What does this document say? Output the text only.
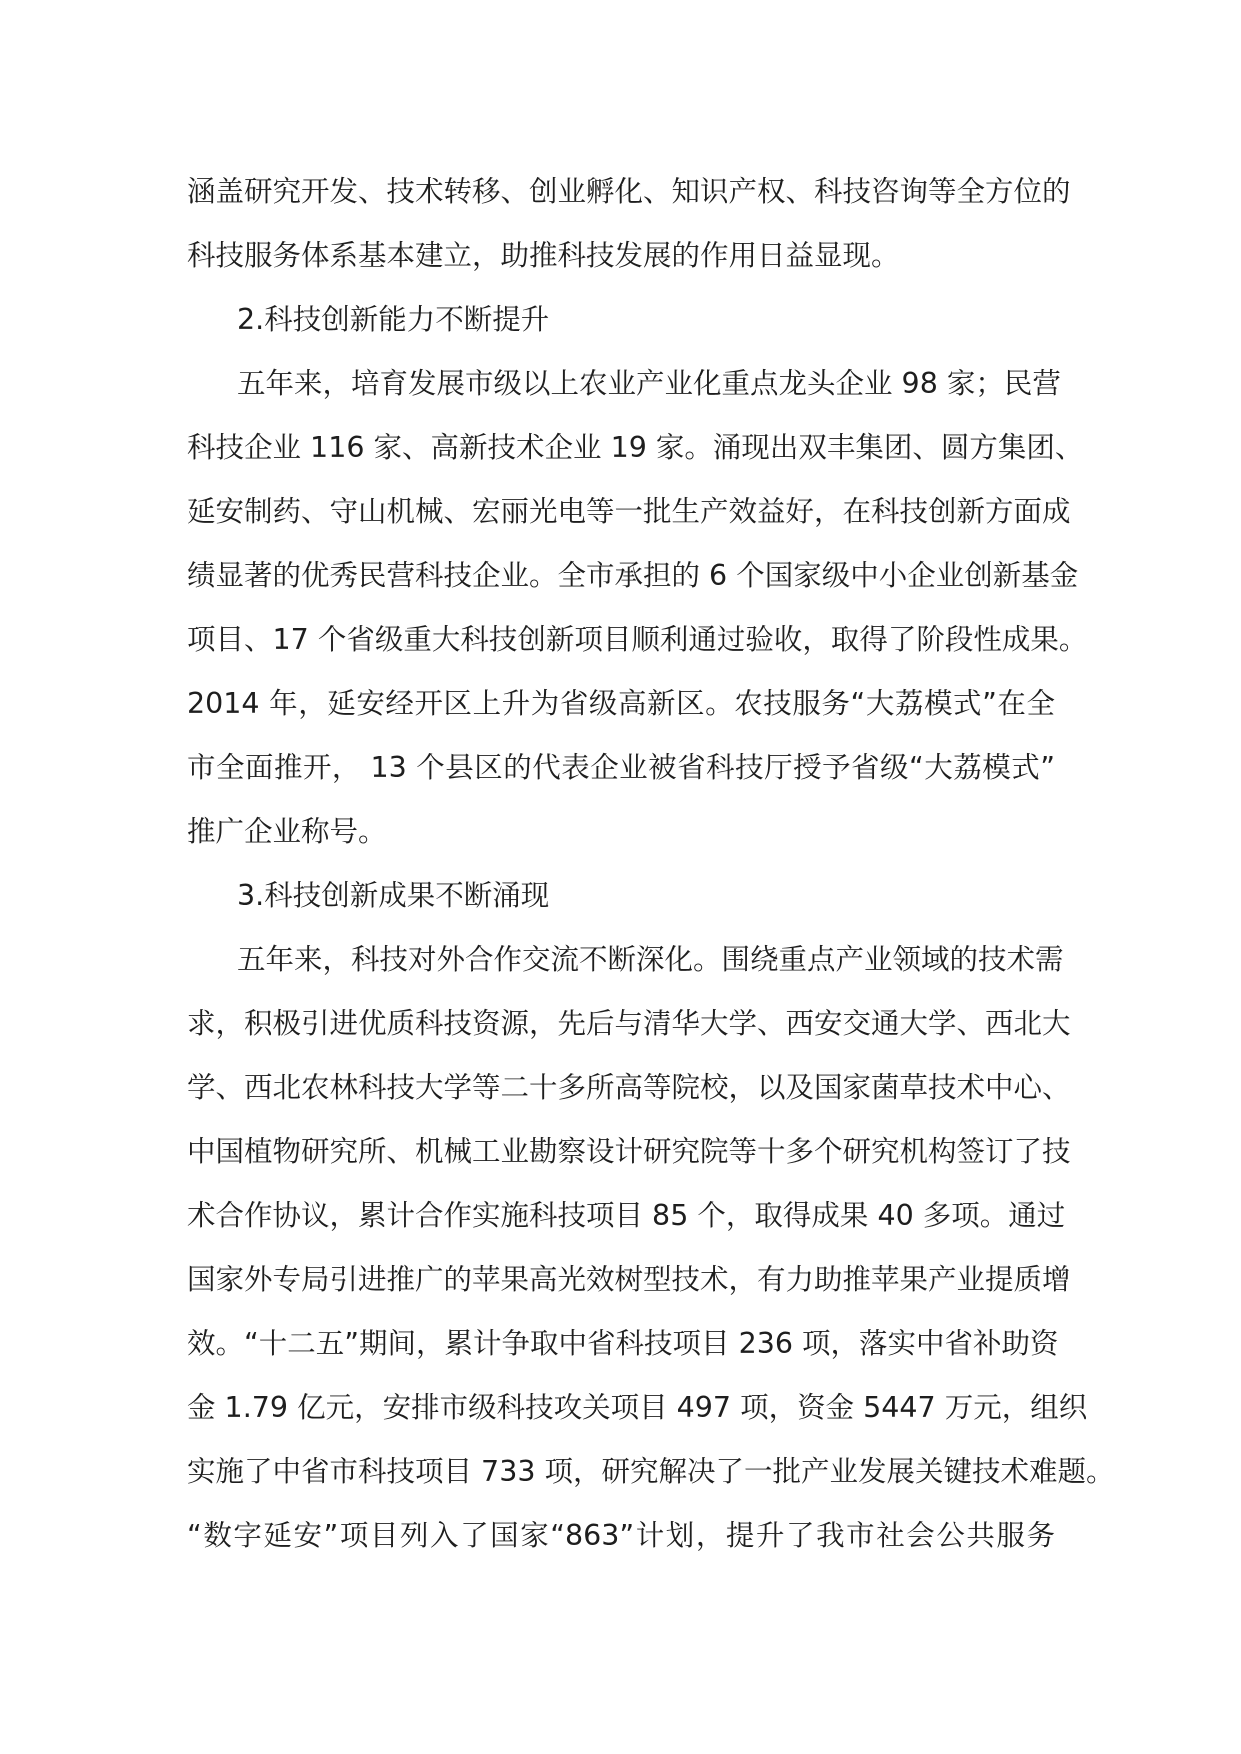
涵盖研究开发、技术转移、创业孵化、知识产权、科技咨询等全方位的
科技服务体系基本建立，助推科技发展的作用日益显现。
2.科技创新能力不断提升
五年来，培育发展市级以上农业产业化重点龙头企业 98 家；民营
科技企业 116 家、高新技术企业 19 家。涌现出双丰集团、圆方集团、
延安制药、守山机械、宏丽光电等一批生产效益好，在科技创新方面成
绩显著的优秀民营科技企业。全市承担的 6 个国家级中小企业创新基金
项目、17 个省级重大科技创新项目顺利通过验收，取得了阶段性成果。
2014 年，延安经开区上升为省级高新区。农技服务“大荔模式”在全
市全面推开， 13 个县区的代表企业被省科技厅授予省级“大荔模式”
推广企业称号。
3.科技创新成果不断涌现
五年来，科技对外合作交流不断深化。围绕重点产业领域的技术需
求，积极引进优质科技资源，先后与清华大学、西安交通大学、西北大
学、西北农林科技大学等二十多所高等院校，以及国家菌草技术中心、
中国植物研究所、机械工业勘察设计研究院等十多个研究机构签订了技
术合作协议，累计合作实施科技项目 85 个，取得成果 40 多项。通过
国家外专局引进推广的苹果高光效树型技术，有力助推苹果产业提质增
效。“十二五”期间，累计争取中省科技项目 236 项，落实中省补助资
金 1.79 亿元，安排市级科技攻关项目 497 项，资金 5447 万元，组织
实施了中省市科技项目 733 项，研究解决了一批产业发展关键技术难题。
“数字延安”项目列入了国家“863”计划，提升了我市社会公共服务
